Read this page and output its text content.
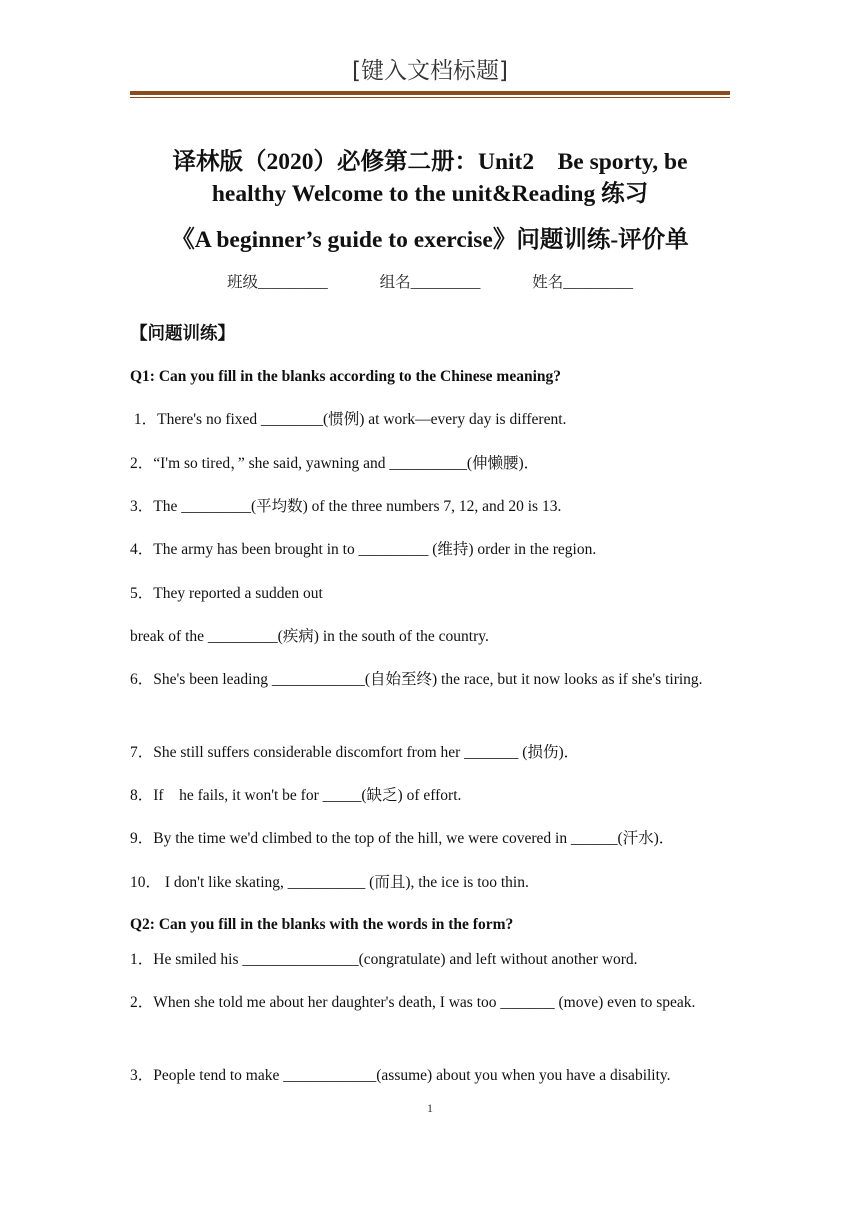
[键入文档标题]
译林版（2020）必修第二册：Unit2　Be sporty, be
healthy Welcome to the unit&Reading 练习
《A beginner’s guide to exercise》问题训练-评价单
班级_________	组名_________	姓名_________
【问题训练】
Q1: Can you fill in the blanks according to the Chinese meaning?
1．There's no fixed ________(惯例) at work—every day is different.
2．“I'm so tired，” she said, yawning and __________(伸懒腰)．
3．The _________(平均数) of the three numbers 7, 12, and 20 is 13.
4．The army has been brought in to _________ (维持) order in the region.
5．They reported a sudden out
break of the _________(疾病) in the south of the country.
6．She's been leading ____________(自始至终) the race, but it now looks as if she's tiring.
7．She still suffers considerable discomfort from her _______ (损伤)．
8．If　he fails, it won't be for _____(缺乏) of effort.
9．By the time we'd climbed to the top of the hill, we were covered in ______(汗水)．
10． I don't like skating, __________ (而且), the ice is too thin.
Q2: Can you fill in the blanks with the words in the form?
1．He smiled his _______________(congratulate) and left without another word.
2．When she told me about her daughter's death, I was too _______ (move) even to speak.
3．People tend to make ____________(assume) about you when you have a disability.
1
